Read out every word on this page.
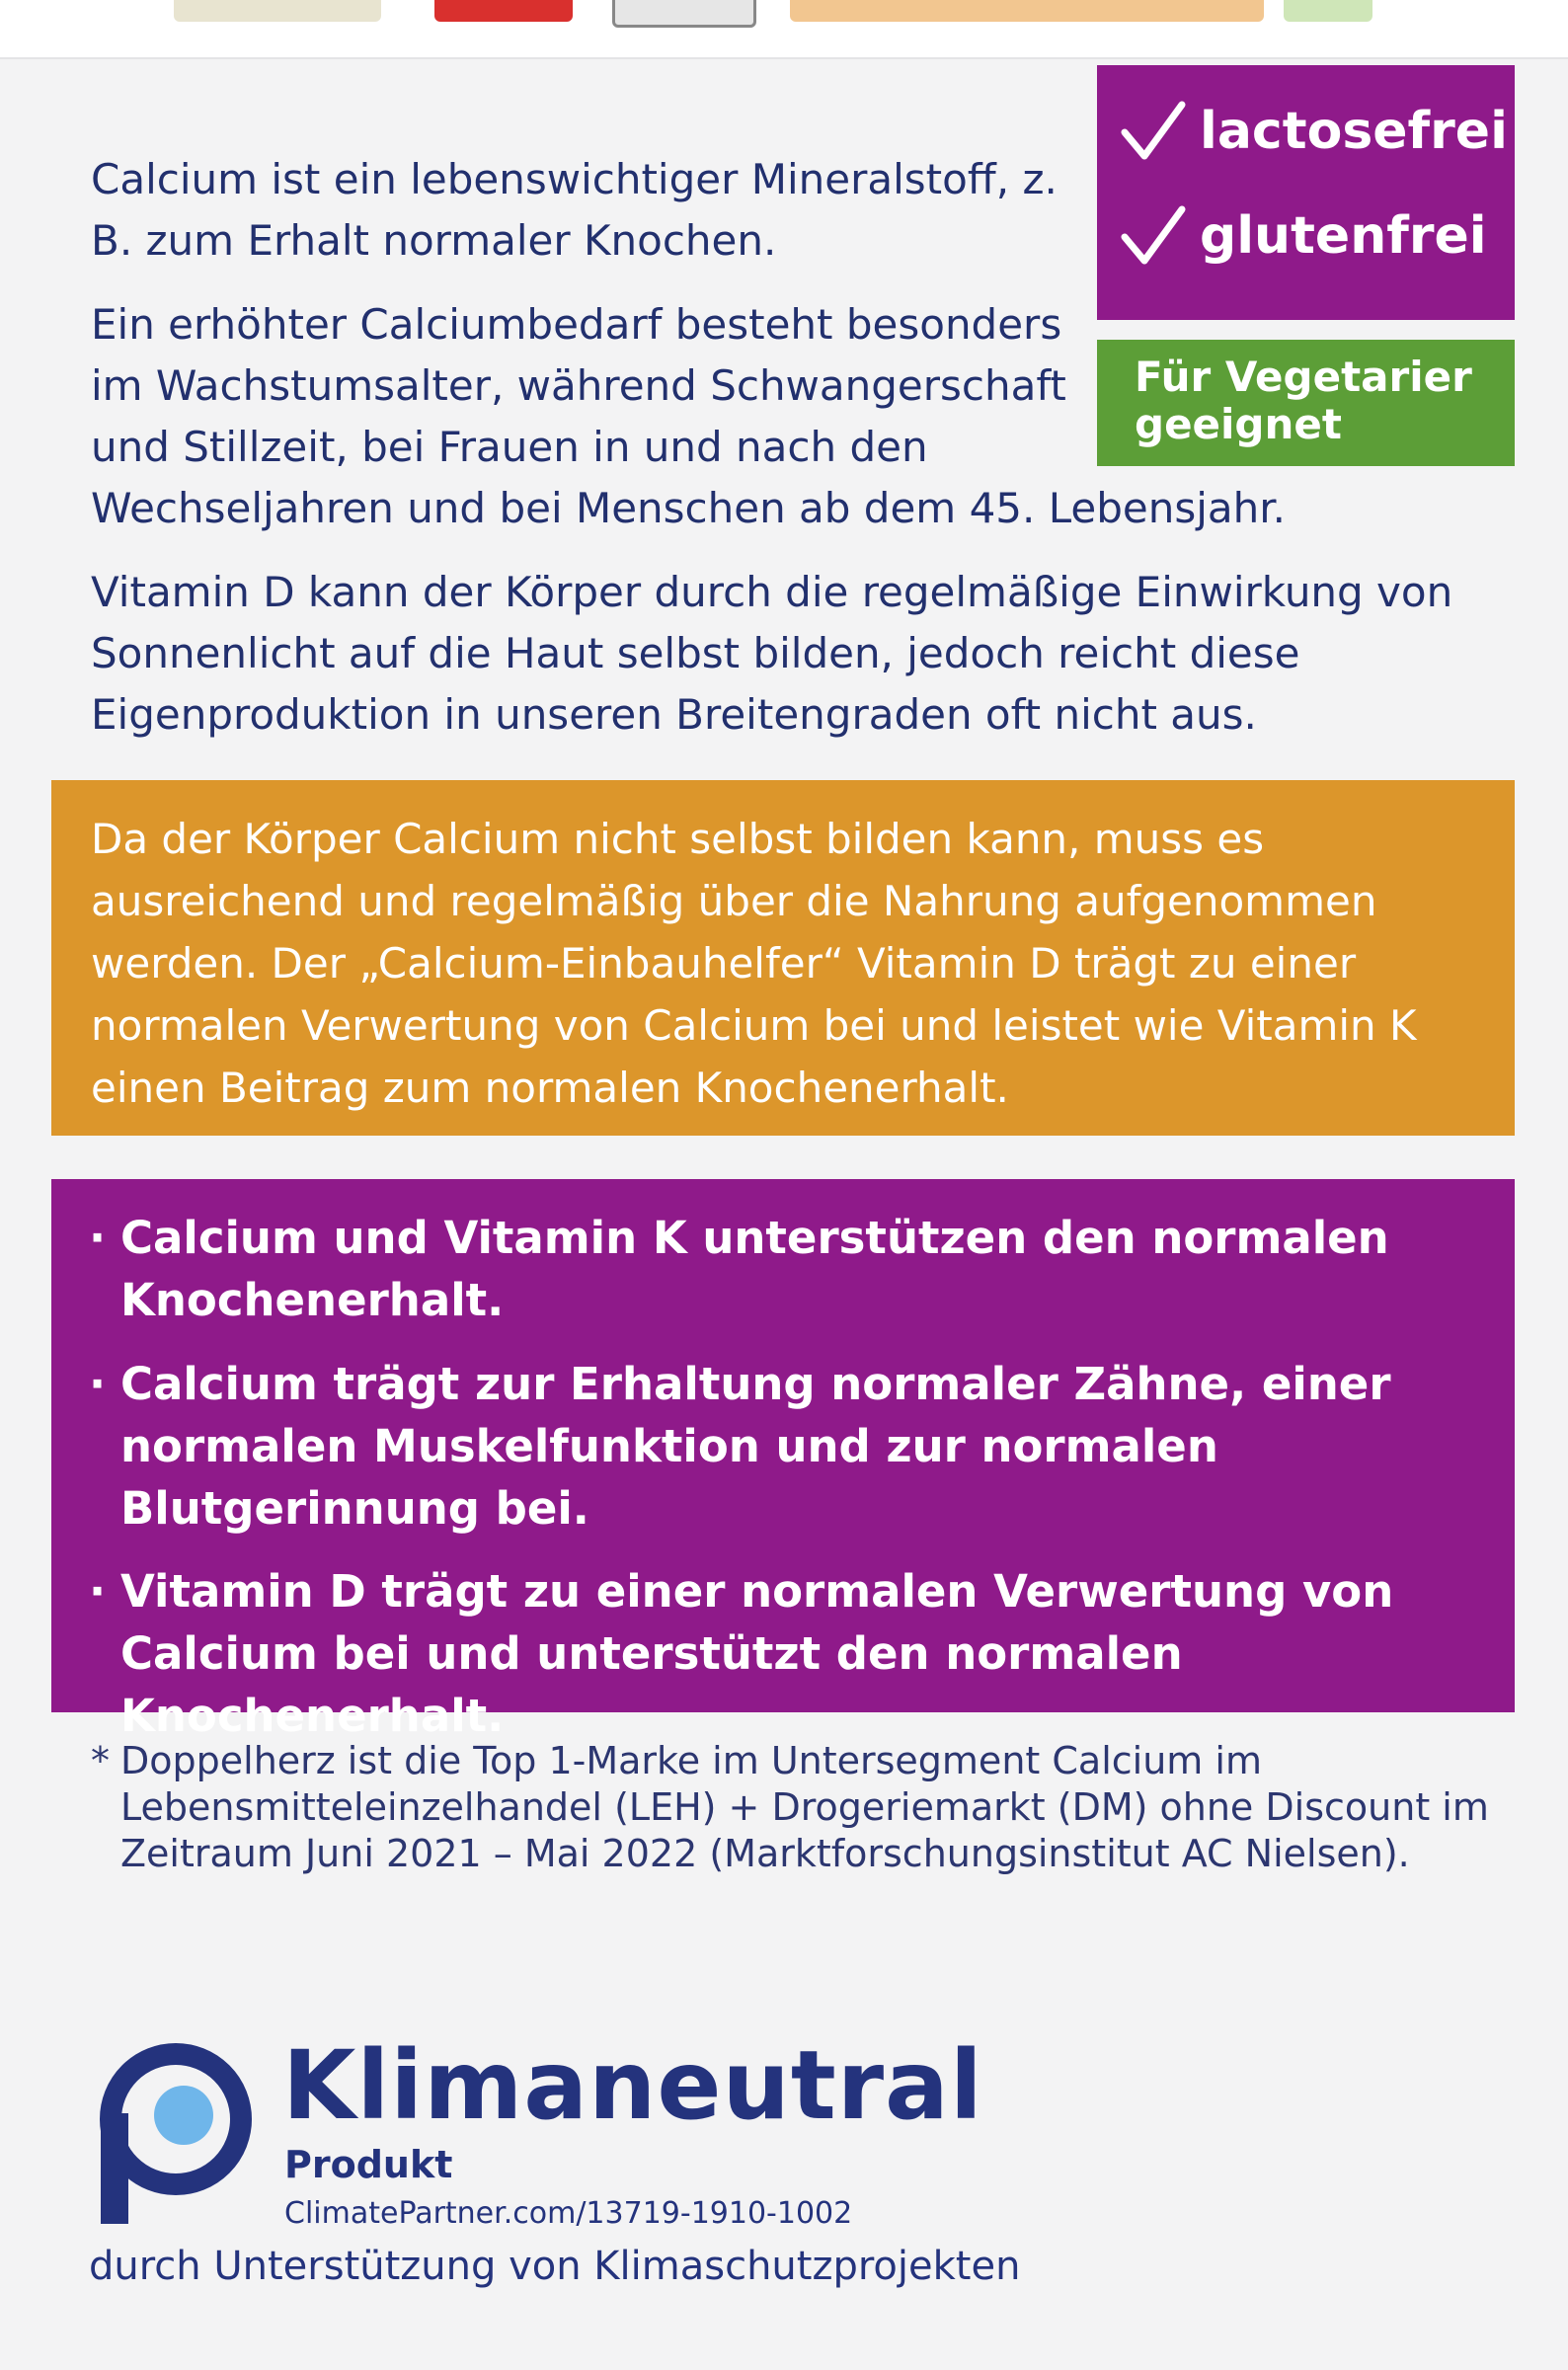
Calcium ist ein lebenswichtiger Mineralstoff, z. B. zum Erhalt normaler Knochen.

Ein erhöhter Calciumbedarf besteht besonders im Wachstumsalter, während Schwangerschaft und Stillzeit, bei Frauen in und nach den
Wechseljahren und bei Menschen ab dem 45. Lebensjahr.

Vitamin D kann der Körper durch die regelmäßige Einwirkung von Sonnenlicht auf die Haut selbst bilden, jedoch reicht diese Eigenproduktion in unseren Breitengraden oft nicht aus.

lactosefrei
glutenfrei
Für Vegetarier geeignet

Da der Körper Calcium nicht selbst bilden kann, muss es ausreichend und regelmäßig über die Nahrung aufgenommen werden. Der „Calcium-Einbauhelfer“ Vitamin D trägt zu einer normalen Verwertung von Calcium bei und leistet wie Vitamin K einen Beitrag zum normalen Knochenerhalt.

· Calcium und Vitamin K unterstützen den normalen Knochenerhalt.
· Calcium trägt zur Erhaltung normaler Zähne, einer normalen Muskelfunktion und zur normalen Blutgerinnung bei.
· Vitamin D trägt zu einer normalen Verwertung von Calcium bei und unterstützt den normalen Knochenerhalt.
* Doppelherz ist die Top 1-Marke im Untersegment Calcium im Lebensmitteleinzelhandel (LEH) + Drogeriemarkt (DM) ohne Discount im Zeitraum Juni 2021 – Mai 2022 (Marktforschungsinstitut AC Nielsen).
Klimaneutral
Produkt
ClimatePartner.com/13719-1910-1002
durch Unterstützung von Klimaschutzprojekten
